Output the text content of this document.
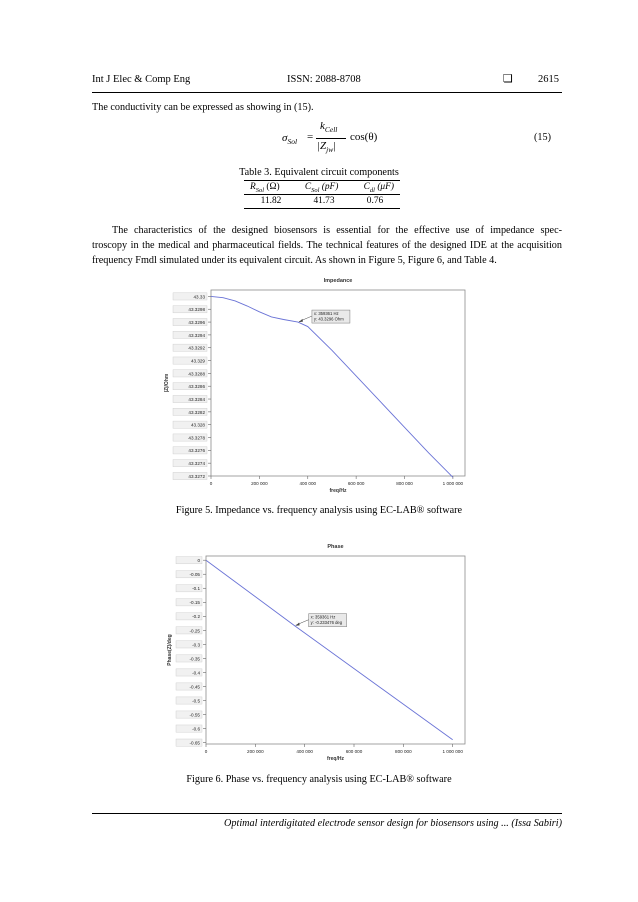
Int J Elec & Comp Eng	ISSN: 2088-8708	❏ 2615
The conductivity can be expressed as showing in (15).
$\sigma_{Sol}$ =
$k_{Cell}$
$|Z_{jw}|$
cos(θ)	(15)
Table 3. Equivalent circuit components
$R_{Sol}$ (Ω)	$C_{Sol}$ (pF)	$C_{dl}$ (μF)
11.82	41.73	0.76
The characteristics of the designed biosensors is essential for the effective use of impedance spec-
troscopy in the medical and pharmaceutical fields. The technical features of the designed IDE at the acquisition
frequency Fmdl simulated under its equivalent circuit. As shown in Figure 5, Figure 6, and Table 4.
Impedance
43.3272
43.3274
43.3276
43.3278
43.328
43.3282
43.3284
43.3286
43.3288
43.329
43.3292
43.3294
43.3296
43.3298
43.33
0	200 000	400 000	600 000	800 000	1 000 000
freq/Hz
|Z|/Ohm
x: 359361 Hz
y: 43.3296 Ohm
Figure 5. Impedance vs. frequency analysis using EC-LAB® software
Phase
0
-0.05
-0.1
-0.15
-0.2
-0.25
-0.3
-0.35
-0.4
-0.45
-0.5
-0.55
-0.6
-0.65
0	200 000	400 000	600 000	800 000	1 000 000
freq/Hz
Phase(Z)/deg
x: 359361 Hz
y: -0.233476 deg
Figure 6. Phase vs. frequency analysis using EC-LAB® software
Optimal interdigitated electrode sensor design for biosensors using ... (Issa Sabiri)
